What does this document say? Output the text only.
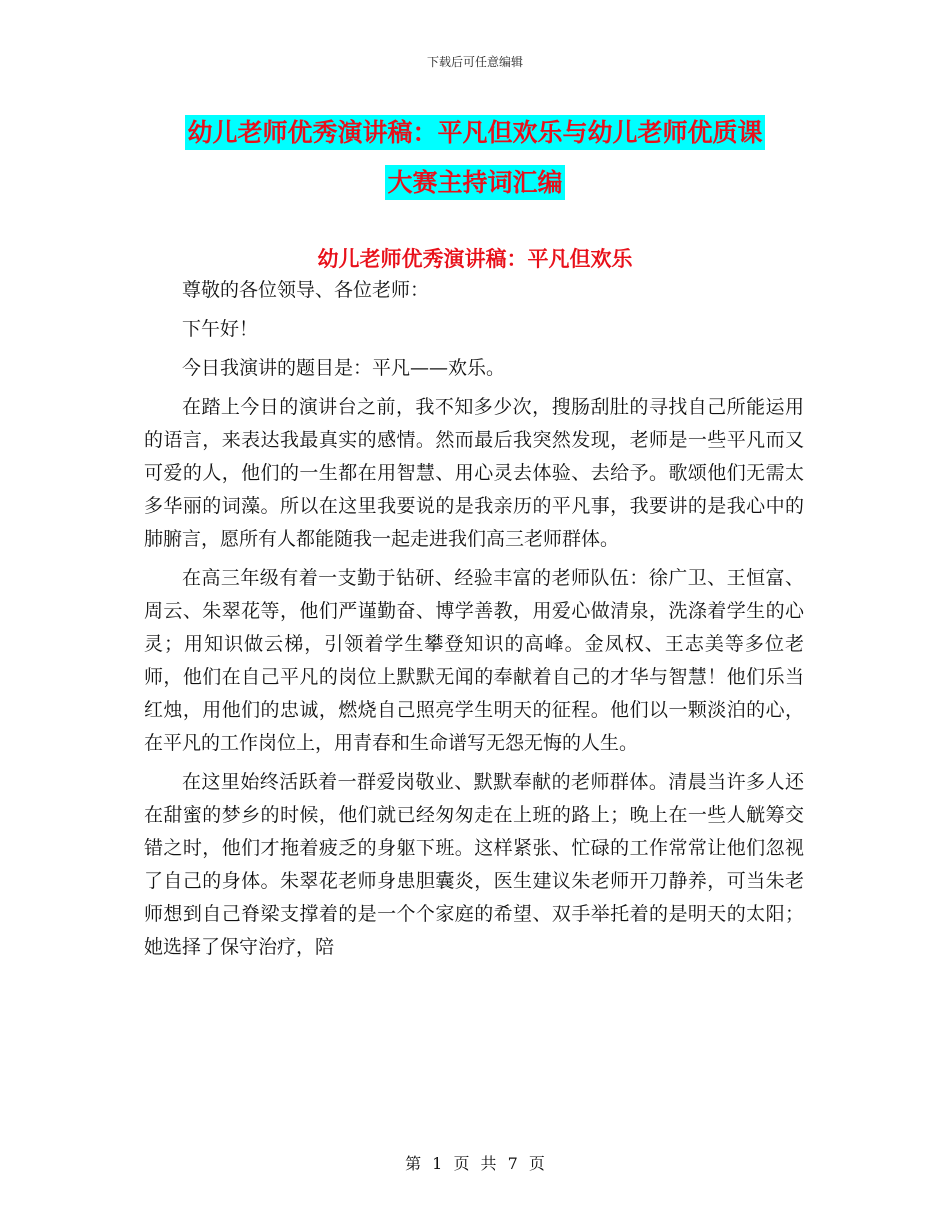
下载后可任意编辑
幼儿老师优秀演讲稿：平凡但欢乐与幼儿老师优质课
大赛主持词汇编
幼儿老师优秀演讲稿：平凡但欢乐

尊敬的各位领导、各位老师：

下午好！

今日我演讲的题目是：平凡——欢乐。

在踏上今日的演讲台之前，我不知多少次，搜肠刮肚的寻找自己所能运用的语言，来表达我最真实的感情。然而最后我突然发现，老师是一些平凡而又可爱的人，他们的一生都在用智慧、用心灵去体验、去给予。歌颂他们无需太多华丽的词藻。所以在这里我要说的是我亲历的平凡事，我要讲的是我心中的肺腑言，愿所有人都能随我一起走进我们高三老师群体。

在高三年级有着一支勤于钻研、经验丰富的老师队伍：徐广卫、王恒富、周云、朱翠花等，他们严谨勤奋、博学善教，用爱心做清泉，洗涤着学生的心灵；用知识做云梯，引领着学生攀登知识的高峰。金凤权、王志美等多位老师，他们在自己平凡的岗位上默默无闻的奉献着自己的才华与智慧！他们乐当红烛，用他们的忠诚，燃烧自己照亮学生明天的征程。他们以一颗淡泊的心，在平凡的工作岗位上，用青春和生命谱写无怨无悔的人生。

在这里始终活跃着一群爱岗敬业、默默奉献的老师群体。清晨当许多人还在甜蜜的梦乡的时候，他们就已经匆匆走在上班的路上；晚上在一些人觥筹交错之时，他们才拖着疲乏的身躯下班。这样紧张、忙碌的工作常常让他们忽视了自己的身体。朱翠花老师身患胆囊炎，医生建议朱老师开刀静养，可当朱老师想到自己脊梁支撑着的是一个个家庭的希望、双手举托着的是明天的太阳；她选择了保守治疗，陪

第 1 页 共 7 页
